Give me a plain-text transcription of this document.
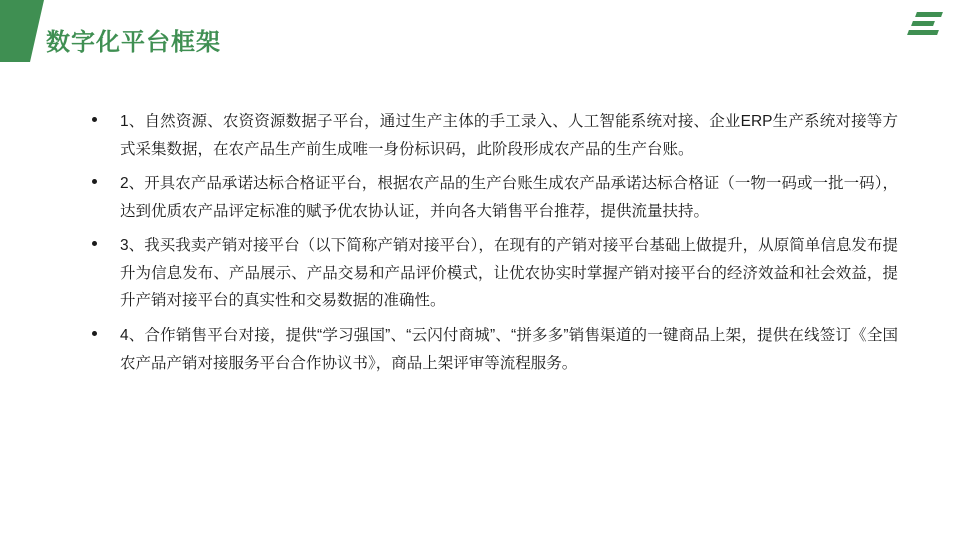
数字化平台框架
1、自然资源、农资资源数据子平台，通过生产主体的手工录入、人工智能系统对接、企业ERP生产系统对接等方式采集数据，在农产品生产前生成唯一身份标识码，此阶段形成农产品的生产台账。
2、开具农产品承诺达标合格证平台，根据农产品的生产台账生成农产品承诺达标合格证（一物一码或一批一码），达到优质农产品评定标准的赋予优农协认证，并向各大销售平台推荐，提供流量扶持。
3、我买我卖产销对接平台（以下简称产销对接平台），在现有的产销对接平台基础上做提升，从原简单信息发布提升为信息发布、产品展示、产品交易和产品评价模式，让优农协实时掌握产销对接平台的经济效益和社会效益，提升产销对接平台的真实性和交易数据的准确性。
4、合作销售平台对接，提供“学习强国”、“云闪付商城”、“拼多多”销售渠道的一键商品上架，提供在线签订《全国农产品产销对接服务平台合作协议书》，商品上架评审等流程服务。
